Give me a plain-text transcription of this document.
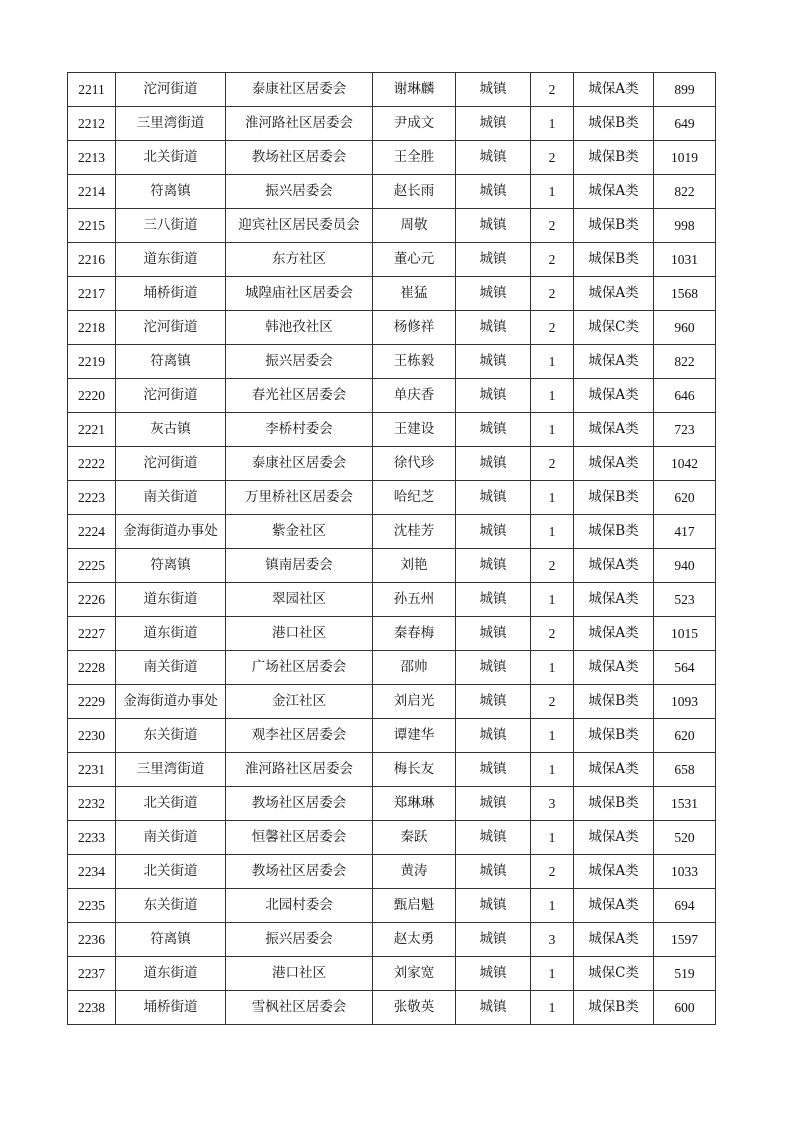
2211	沱河街道	泰康社区居委会	谢琳麟	城镇	2	城保A类	899
2212	三里湾街道	淮河路社区居委会	尹成文	城镇	1	城保B类	649
2213	北关街道	教场社区居委会	王全胜	城镇	2	城保B类	1019
2214	符离镇	振兴居委会	赵长雨	城镇	1	城保A类	822
2215	三八街道	迎宾社区居民委员会	周敬	城镇	2	城保B类	998
2216	道东街道	东方社区	董心元	城镇	2	城保B类	1031
2217	埇桥街道	城隍庙社区居委会	崔猛	城镇	2	城保A类	1568
2218	沱河街道	韩池孜社区	杨修祥	城镇	2	城保C类	960
2219	符离镇	振兴居委会	王栋毅	城镇	1	城保A类	822
2220	沱河街道	春光社区居委会	单庆香	城镇	1	城保A类	646
2221	灰古镇	李桥村委会	王建设	城镇	1	城保A类	723
2222	沱河街道	泰康社区居委会	徐代珍	城镇	2	城保A类	1042
2223	南关街道	万里桥社区居委会	哈纪芝	城镇	1	城保B类	620
2224	金海街道办事处	紫金社区	沈桂芳	城镇	1	城保B类	417
2225	符离镇	镇南居委会	刘艳	城镇	2	城保A类	940
2226	道东街道	翠园社区	孙五州	城镇	1	城保A类	523
2227	道东街道	港口社区	秦春梅	城镇	2	城保A类	1015
2228	南关街道	广场社区居委会	邵帅	城镇	1	城保A类	564
2229	金海街道办事处	金江社区	刘启光	城镇	2	城保B类	1093
2230	东关街道	观李社区居委会	谭建华	城镇	1	城保B类	620
2231	三里湾街道	淮河路社区居委会	梅长友	城镇	1	城保A类	658
2232	北关街道	教场社区居委会	郑琳琳	城镇	3	城保B类	1531
2233	南关街道	恒馨社区居委会	秦跃	城镇	1	城保A类	520
2234	北关街道	教场社区居委会	黄涛	城镇	2	城保A类	1033
2235	东关街道	北园村委会	甄启魁	城镇	1	城保A类	694
2236	符离镇	振兴居委会	赵太勇	城镇	3	城保A类	1597
2237	道东街道	港口社区	刘家宽	城镇	1	城保C类	519
2238	埇桥街道	雪枫社区居委会	张敬英	城镇	1	城保B类	600
